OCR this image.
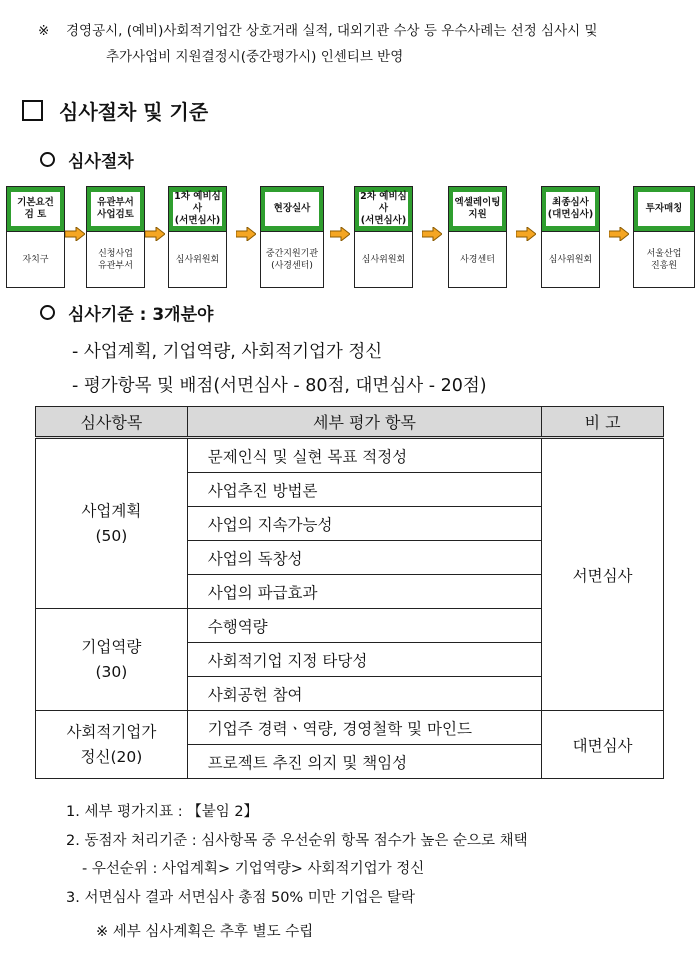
※ 경영공시, (예비)사회적기업간 상호거래 실적, 대외기관 수상 등 우수사례는 선정 심사시 및
추가사업비 지원결정시(중간평가시) 인센티브 반영
심사절차 및 기준
심사절차
기본요건
검 토
자치구
유관부서
사업검토
신청사업
유관부서
1차 예비심사
(서면심사)
심사위원회
현장실사
중간지원기관
(사경센터)
2차 예비심사
(서면심사)
심사위원회
엑셀레이팅
지원
사경센터
최종심사
(대면심사)
심사위원회
투자매칭
서울산업
진흥원
심사기준 : 3개분야
- 사업계획, 기업역량, 사회적기업가 정신
- 평가항목 및 배점(서면심사 - 80점, 대면심사 - 20점)
심사항목	세부 평가 항목	비 고
사업계획
(50)	문제인식 및 실현 목표 적정성	서면심사
	사업추진 방법론	
	사업의 지속가능성	
	사업의 독창성	
	사업의 파급효과	
기업역량
(30)	수행역량	
	사회적기업 지정 타당성	
	사회공헌 참여	
사회적기업가
정신(20)	기업주 경력ㆍ역량, 경영철학 및 마인드	대면심사
	프로젝트 추진 의지 및 책임성	
1. 세부 평가지표 : 【붙임 2】
2. 동점자 처리기준 : 심사항목 중 우선순위 항목 점수가 높은 순으로 채택
- 우선순위 : 사업계획> 기업역량> 사회적기업가 정신
3. 서면심사 결과 서면심사 총점 50% 미만 기업은 탈락
※ 세부 심사계획은 추후 별도 수립
